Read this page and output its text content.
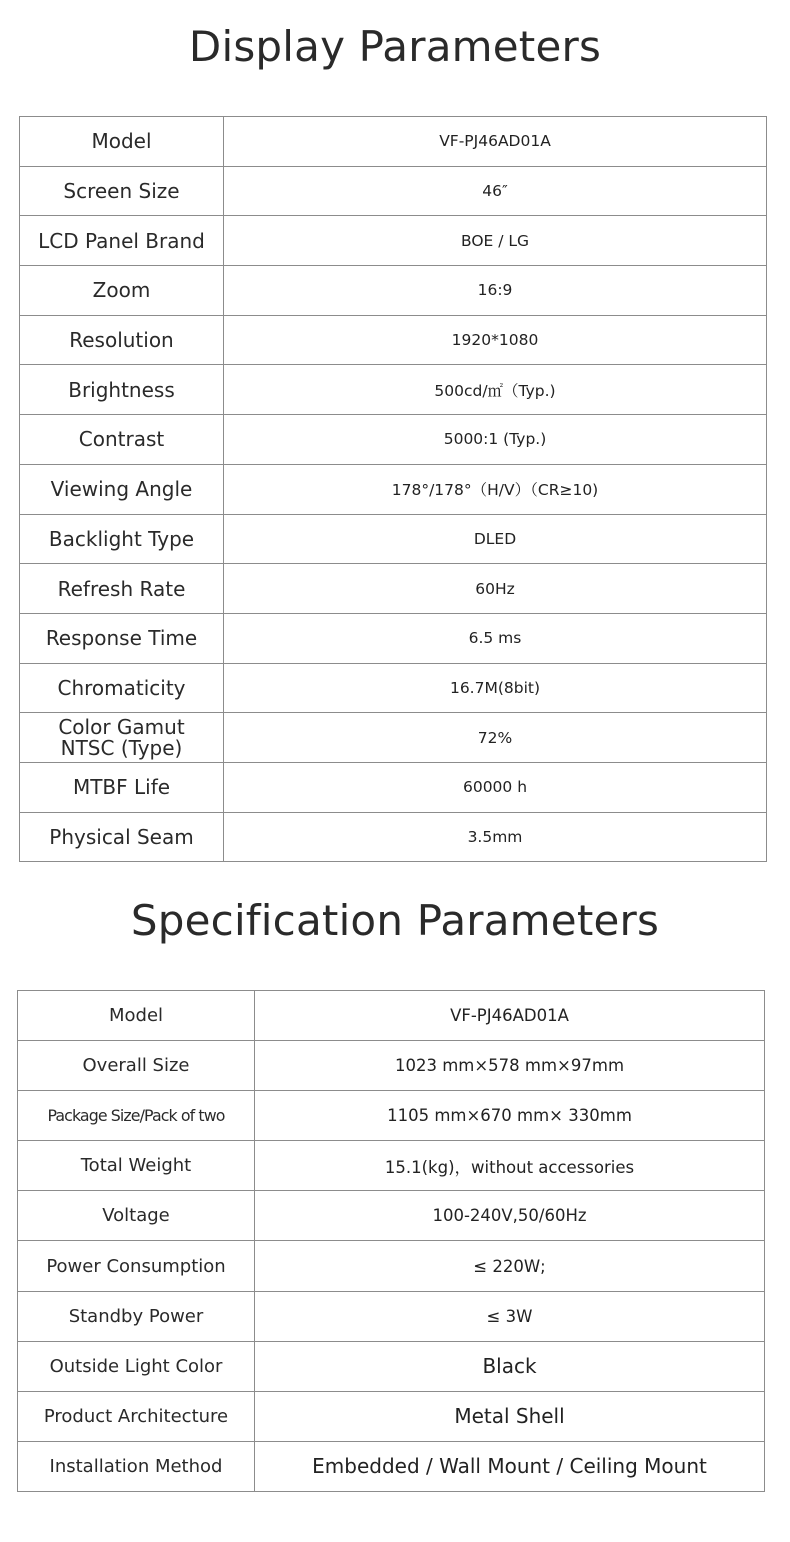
Display Parameters
Model	VF-PJ46AD01A
Screen Size	46″
LCD Panel Brand	BOE / LG
Zoom	16:9
Resolution	1920*1080
Brightness	500cd/㎡（Typ.)
Contrast	5000:1 (Typ.)
Viewing Angle	178°/178°（H/V）（CR≥10)
Backlight Type	DLED
Refresh Rate	60Hz
Response Time	6.5 ms
Chromaticity	16.7M(8bit)
Color Gamut
NTSC (Type)	72%
MTBF Life	60000 h
Physical Seam	3.5mm
Specification Parameters
Model	VF-PJ46AD01A
Overall Size	1023 mm×578 mm×97mm
Package Size/Pack of two	1105 mm×670 mm× 330mm
Total Weight	15.1(kg)，without accessories
Voltage	100-240V,50/60Hz
Power Consumption	≤ 220W;
Standby Power	≤ 3W
Outside Light Color	Black
Product Architecture	Metal Shell
Installation Method	Embedded / Wall Mount / Ceiling Mount
